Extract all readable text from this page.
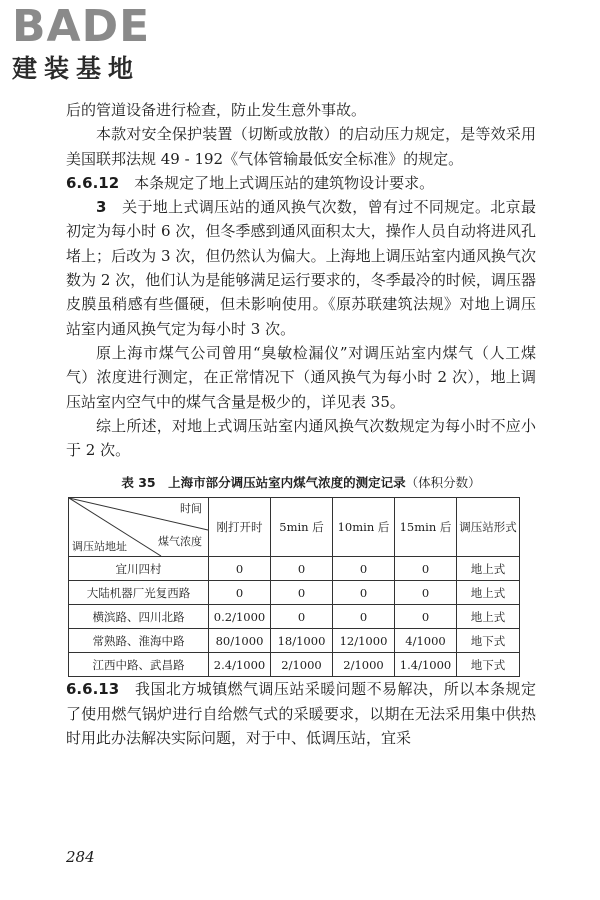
BADE
建装基地

后的管道设备进行检查，防止发生意外事故。

本款对安全保护装置（切断或放散）的启动压力规定，是等效采用美国联邦法规 49 - 192《气体管输最低安全标准》的规定。

6.6.12　 本条规定了地上式调压站的建筑物设计要求。

3　 关于地上式调压站的通风换气次数，曾有过不同规定。北京最初定为每小时 6 次，但冬季感到通风面积太大，操作人员自动将进风孔堵上；后改为 3 次，但仍然认为偏大。上海地上调压站室内通风换气次数为 2 次，他们认为是能够满足运行要求的，冬季最冷的时候，调压器皮膜虽稍感有些僵硬，但未影响使用。《原苏联建筑法规》对地上调压站室内通风换气定为每小时 3 次。

原上海市煤气公司曾用“臭敏检漏仪”对调压站室内煤气（人工煤气）浓度进行测定，在正常情况下（通风换气为每小时 2 次），地上调压站室内空气中的煤气含量是极少的，详见表 35。

综上所述，对地上式调压站室内通风换气次数规定为每小时不应小于 2 次。

表 35　上海市部分调压站室内煤气浓度的测定记录（体积分数）
时间
煤气浓度
调压站地址	刚打开时	5min 后	10min 后	15min 后	调压站形式
宜川四村	0	0	0	0	地上式
大陆机器厂光复西路	0	0	0	0	地上式
横滨路、四川北路	0.2/1000	0	0	0	地上式
常熟路、淮海中路	80/1000	18/1000	12/1000	4/1000	地下式
江西中路、武昌路	2.4/1000	2/1000	2/1000	1.4/1000	地下式

6.6.13　 我国北方城镇燃气调压站采暖问题不易解决，所以本条规定了使用燃气锅炉进行自给燃气式的采暖要求，以期在无法采用集中供热时用此办法解决实际问题，对于中、低调压站，宜采

284
